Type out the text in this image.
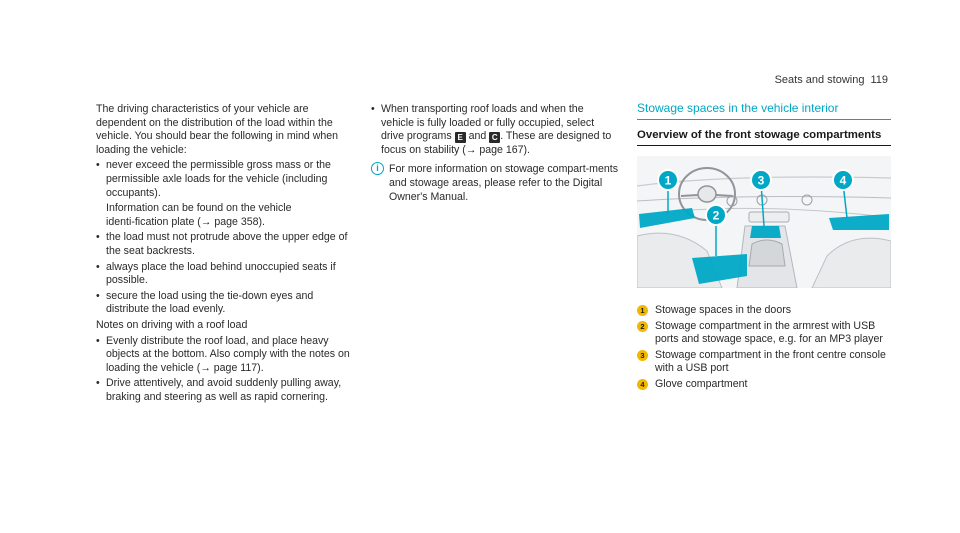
Seats and stowing 119

The driving characteristics of your vehicle are dependent on the distribution of the load within the vehicle. You should bear the following in mind when loading the vehicle:

• never exceed the permissible gross mass or the permissible axle loads for the vehicle (including occupants).
Information can be found on the vehicle identi‑fication plate (→ page 358).
• the load must not protrude above the upper edge of the seat backrests.
• always place the load behind unoccupied seats if possible.
• secure the load using the tie-down eyes and distribute the load evenly.

Notes on driving with a roof load

• Evenly distribute the roof load, and place heavy objects at the bottom. Also comply with the notes on loading the vehicle (→ page 117).
• Drive attentively, and avoid suddenly pulling away, braking and steering as well as rapid cornering.
• When transporting roof loads and when the vehicle is fully loaded or fully occupied, select drive programs E and C . These are designed to focus on stability (→ page 167).
i For more information on stowage compart‑ments and stowage areas, please refer to the Digital Owner's Manual.
Stowage spaces in the vehicle interior
Overview of the front stowage compartments
1
2
3	4
1 Stowage spaces in the doors
2 Stowage compartment in the armrest with USB ports and stowage space, e.g. for an MP3 player
3 Stowage compartment in the front centre console with a USB port
4 Glove compartment
